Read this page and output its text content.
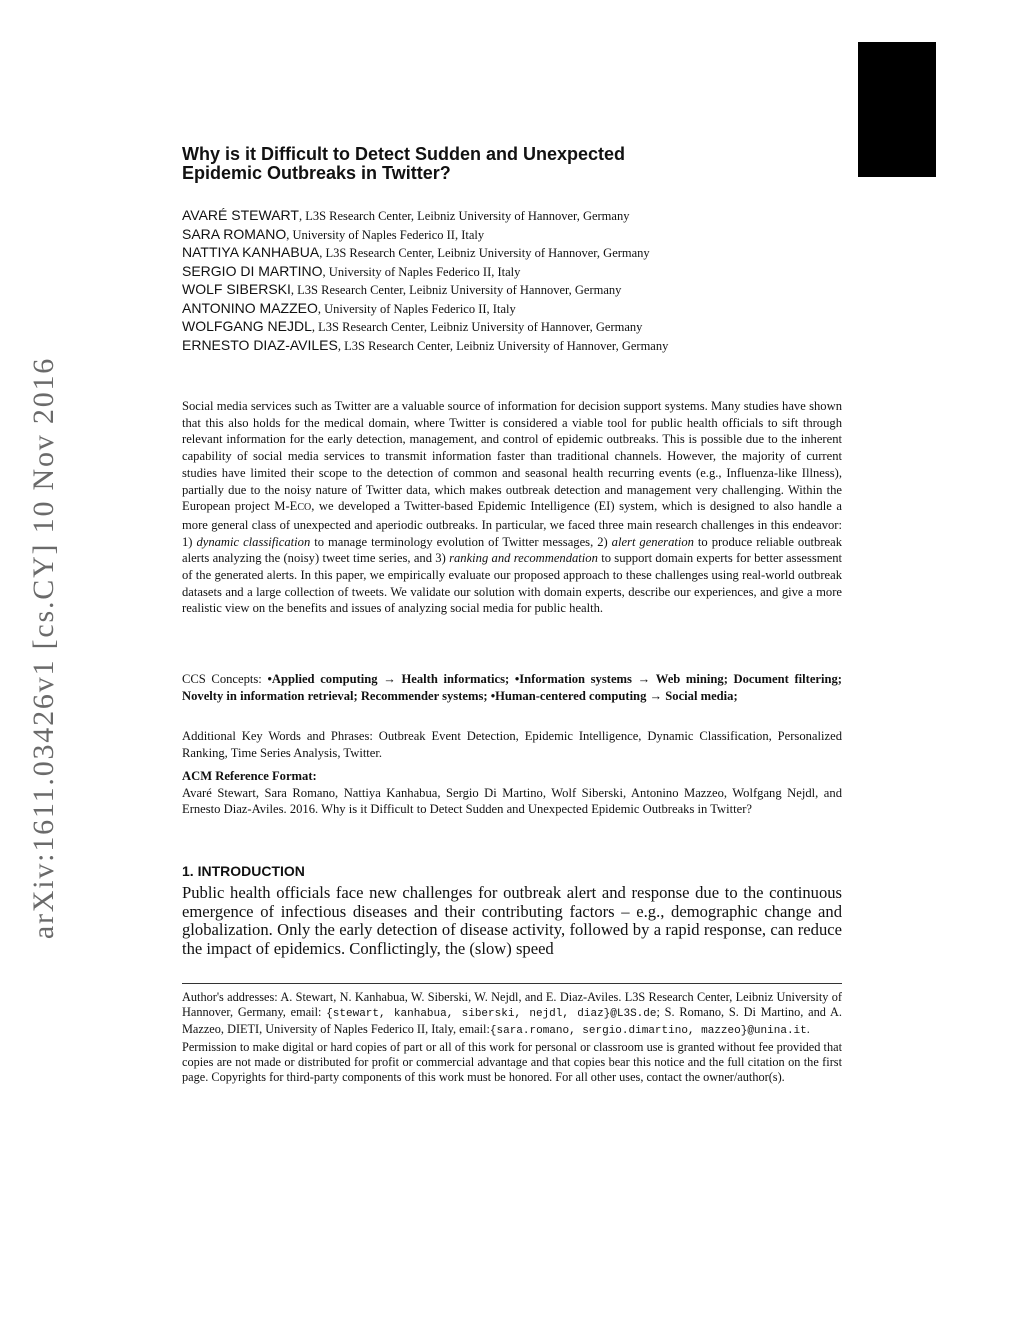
arXiv:1611.03426v1 [cs.CY] 10 Nov 2016
Why is it Difficult to Detect Sudden and Unexpected
Epidemic Outbreaks in Twitter?
AVARÉ STEWART, L3S Research Center, Leibniz University of Hannover, Germany
SARA ROMANO, University of Naples Federico II, Italy
NATTIYA KANHABUA, L3S Research Center, Leibniz University of Hannover, Germany
SERGIO DI MARTINO, University of Naples Federico II, Italy
WOLF SIBERSKI, L3S Research Center, Leibniz University of Hannover, Germany
ANTONINO MAZZEO, University of Naples Federico II, Italy
WOLFGANG NEJDL, L3S Research Center, Leibniz University of Hannover, Germany
ERNESTO DIAZ-AVILES, L3S Research Center, Leibniz University of Hannover, Germany

Social media services such as Twitter are a valuable source of information for decision support systems. Many studies have shown that this also holds for the medical domain, where Twitter is considered a viable tool for public health officials to sift through relevant information for the early detection, management, and control of epidemic outbreaks. This is possible due to the inherent capability of social media services to transmit information faster than traditional channels. However, the majority of current studies have limited their scope to the detection of common and seasonal health recurring events (e.g., Influenza-like Illness), partially due to the noisy nature of Twitter data, which makes outbreak detection and management very challenging. Within the European project M-ECO, we developed a Twitter-based Epidemic Intelligence (EI) system, which is designed to also handle a more general class of unexpected and aperiodic outbreaks. In particular, we faced three main research challenges in this endeavor: 1) dynamic classification to manage terminology evolution of Twitter messages, 2) alert generation to produce reliable outbreak alerts analyzing the (noisy) tweet time series, and 3) ranking and recommendation to support domain experts for better assessment of the generated alerts. In this paper, we empirically evaluate our proposed approach to these challenges using real-world outbreak datasets and a large collection of tweets. We validate our solution with domain experts, describe our experiences, and give a more realistic view on the benefits and issues of analyzing social media for public health.

CCS Concepts: •Applied computing → Health informatics; •Information systems → Web mining; Document filtering; Novelty in information retrieval; Recommender systems; •Human-centered computing → Social media;

Additional Key Words and Phrases: Outbreak Event Detection, Epidemic Intelligence, Dynamic Classification, Personalized Ranking, Time Series Analysis, Twitter.

ACM Reference Format:
Avaré Stewart, Sara Romano, Nattiya Kanhabua, Sergio Di Martino, Wolf Siberski, Antonino Mazzeo, Wolfgang Nejdl, and Ernesto Diaz-Aviles. 2016. Why is it Difficult to Detect Sudden and Unexpected Epidemic Outbreaks in Twitter?
1. INTRODUCTION

Public health officials face new challenges for outbreak alert and response due to the continuous emergence of infectious diseases and their contributing factors – e.g., demographic change and globalization. Only the early detection of disease activity, followed by a rapid response, can reduce the impact of epidemics. Conflictingly, the (slow) speed

Author's addresses: A. Stewart, N. Kanhabua, W. Siberski, W. Nejdl, and E. Diaz-Aviles. L3S Research Center, Leibniz University of Hannover, Germany, email: {stewart, kanhabua, siberski, nejdl, diaz}@L3S.de; S. Romano, S. Di Martino, and A. Mazzeo, DIETI, University of Naples Federico II, Italy, email:{sara.romano, sergio.dimartino, mazzeo}@unina.it.
Permission to make digital or hard copies of part or all of this work for personal or classroom use is granted without fee provided that copies are not made or distributed for profit or commercial advantage and that copies bear this notice and the full citation on the first page. Copyrights for third-party components of this work must be honored. For all other uses, contact the owner/author(s).
